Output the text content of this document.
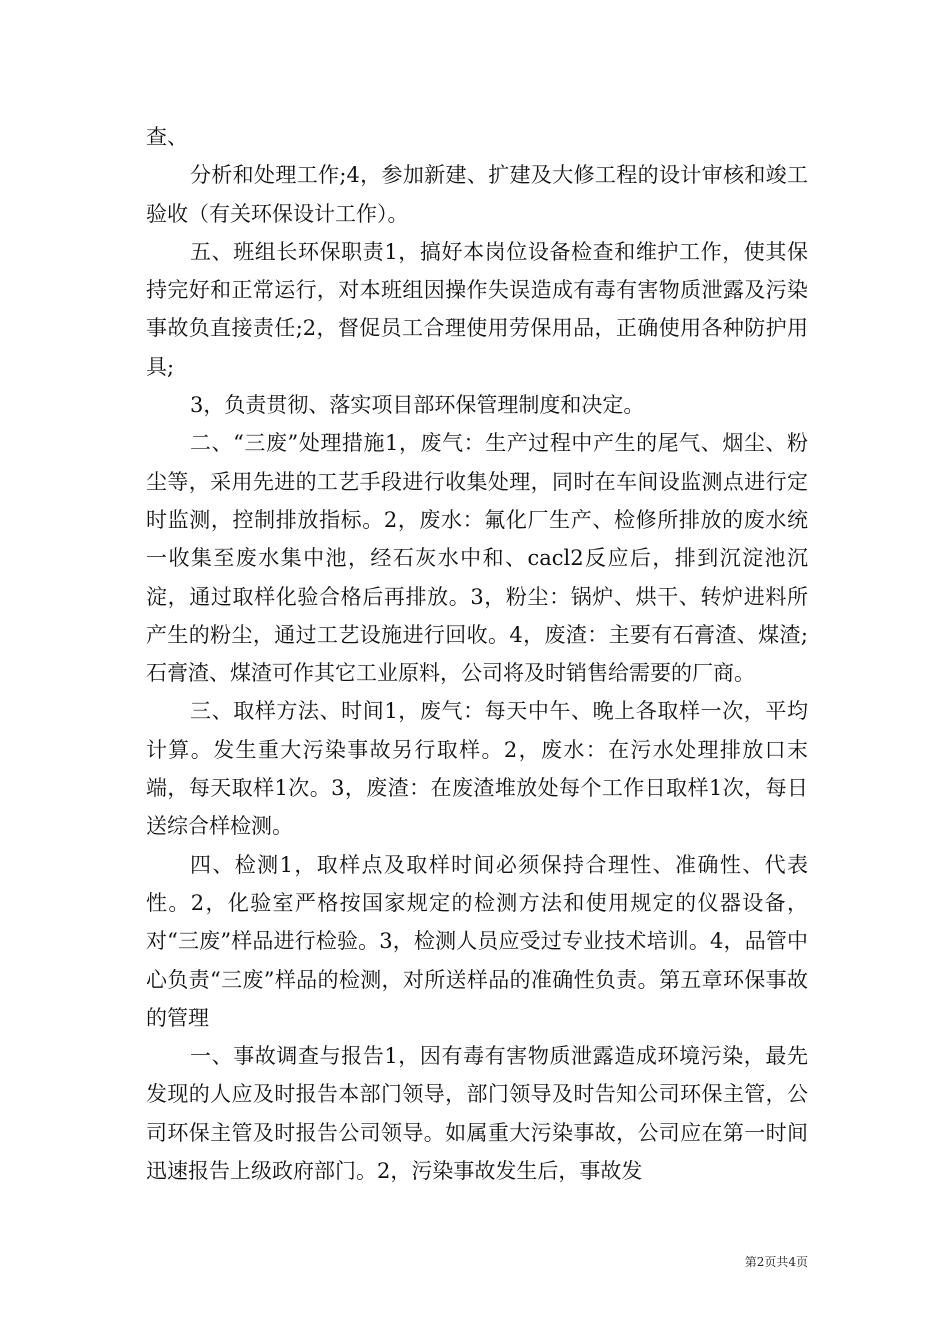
查、

分析和处理工作;4，参加新建、扩建及大修工程的设计审核和竣工验收（有关环保设计工作）。

五、班组长环保职责1，搞好本岗位设备检查和维护工作，使其保持完好和正常运行，对本班组因操作失误造成有毒有害物质泄露及污染事故负直接责任;2，督促员工合理使用劳保用品，正确使用各种防护用具;

3，负责贯彻、落实项目部环保管理制度和决定。

二、“三废”处理措施1，废气：生产过程中产生的尾气、烟尘、粉尘等，采用先进的工艺手段进行收集处理，同时在车间设监测点进行定时监测，控制排放指标。2，废水：氟化厂生产、检修所排放的废水统一收集至废水集中池，经石灰水中和、cacl2反应后，排到沉淀池沉淀，通过取样化验合格后再排放。3，粉尘：锅炉、烘干、转炉进料所产生的粉尘，通过工艺设施进行回收。4，废渣：主要有石膏渣、煤渣;石膏渣、煤渣可作其它工业原料，公司将及时销售给需要的厂商。

三、取样方法、时间1，废气：每天中午、晚上各取样一次，平均计算。发生重大污染事故另行取样。2，废水：在污水处理排放口末端，每天取样1次。3，废渣：在废渣堆放处每个工作日取样1次，每日送综合样检测。

四、检测1，取样点及取样时间必须保持合理性、准确性、代表性。2，化验室严格按国家规定的检测方法和使用规定的仪器设备，对“三废”样品进行检验。3，检测人员应受过专业技术培训。4，品管中心负责“三废”样品的检测，对所送样品的准确性负责。第五章环保事故的管理

一、事故调查与报告1，因有毒有害物质泄露造成环境污染，最先发现的人应及时报告本部门领导，部门领导及时告知公司环保主管，公司环保主管及时报告公司领导。如属重大污染事故，公司应在第一时间迅速报告上级政府部门。2，污染事故发生后，事故发

第2页共4页
